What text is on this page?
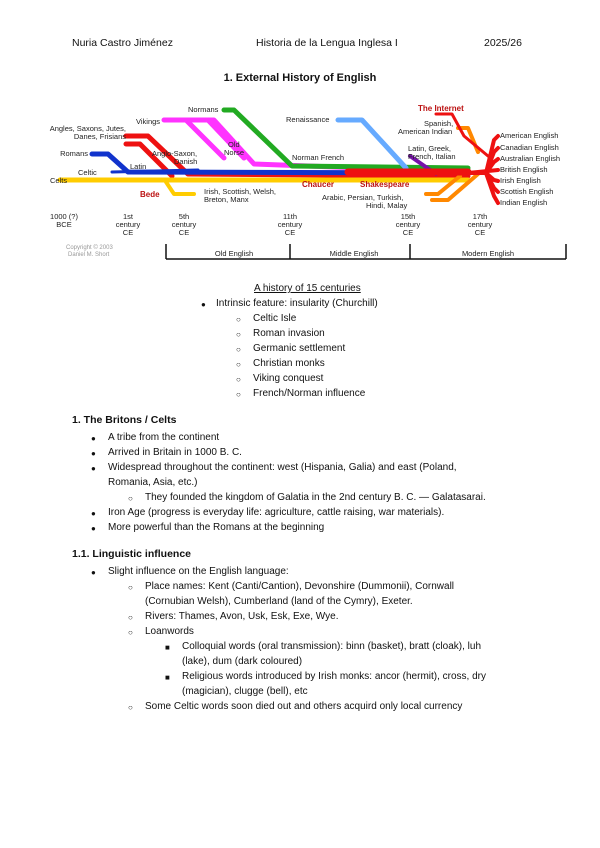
Nuria Castro Jiménez	Historia de la Lengua Inglesa I	2025/26
1. External History of English
Angles, Saxons, Jutes,
Danes, Frisians
Romans
Celtic
Celts
Latin
Vikings
Normans
Anglo-Saxon,
Danish
Old
Norse
Norman French
Irish, Scottish, Welsh,
Breton, Manx
Renaissance
Latin, Greek,
French, Italian
Arabic, Persian, Turkish,
Hindi, Malay
Spanish,
American Indian
Bede
Chaucer	Shakespeare
The Internet
American English
Canadian English
Australian English
British English
Irish English
Scottish English
Indian English
1000 (?)
BCE
1st
century
CE
5th
century
CE
11th
century
CE
15th
century
CE
17th
century
CE
Copyright © 2003
Daniel M. Short	Old English	Middle English	Modern English
A history of 15 centuries
● Intrinsic feature: insularity (Churchill)
○ Celtic Isle
○ Roman invasion
○ Germanic settlement
○ Christian monks
○ Viking conquest
○ French/Norman influence
1. The Britons / Celts
● A tribe from the continent
● Arrived in Britain in 1000 B. C.
● Widespread throughout the continent: west (Hispania, Galia) and east (Poland,
Romania, Asia, etc.)
○ They founded the kingdom of Galatia in the 2nd century B. C. — Galatasarai.
● Iron Age (progress is everyday life: agriculture, cattle raising, war materials).
● More powerful than the Romans at the beginning
1.1. Linguistic influence
● Slight influence on the English language:
○ Place names: Kent (Canti/Cantion), Devonshire (Dummonii), Cornwall
(Cornubian Welsh), Cumberland (land of the Cymry), Exeter.
○ Rivers: Thames, Avon, Usk, Esk, Exe, Wye.
○ Loanwords
■ Colloquial words (oral transmission): binn (basket), bratt (cloak), luh
(lake), dum (dark coloured)
■ Religious words introduced by Irish monks: ancor (hermit), cross, dry
(magician), clugge (bell), etc
○ Some Celtic words soon died out and others acquird only local currency
